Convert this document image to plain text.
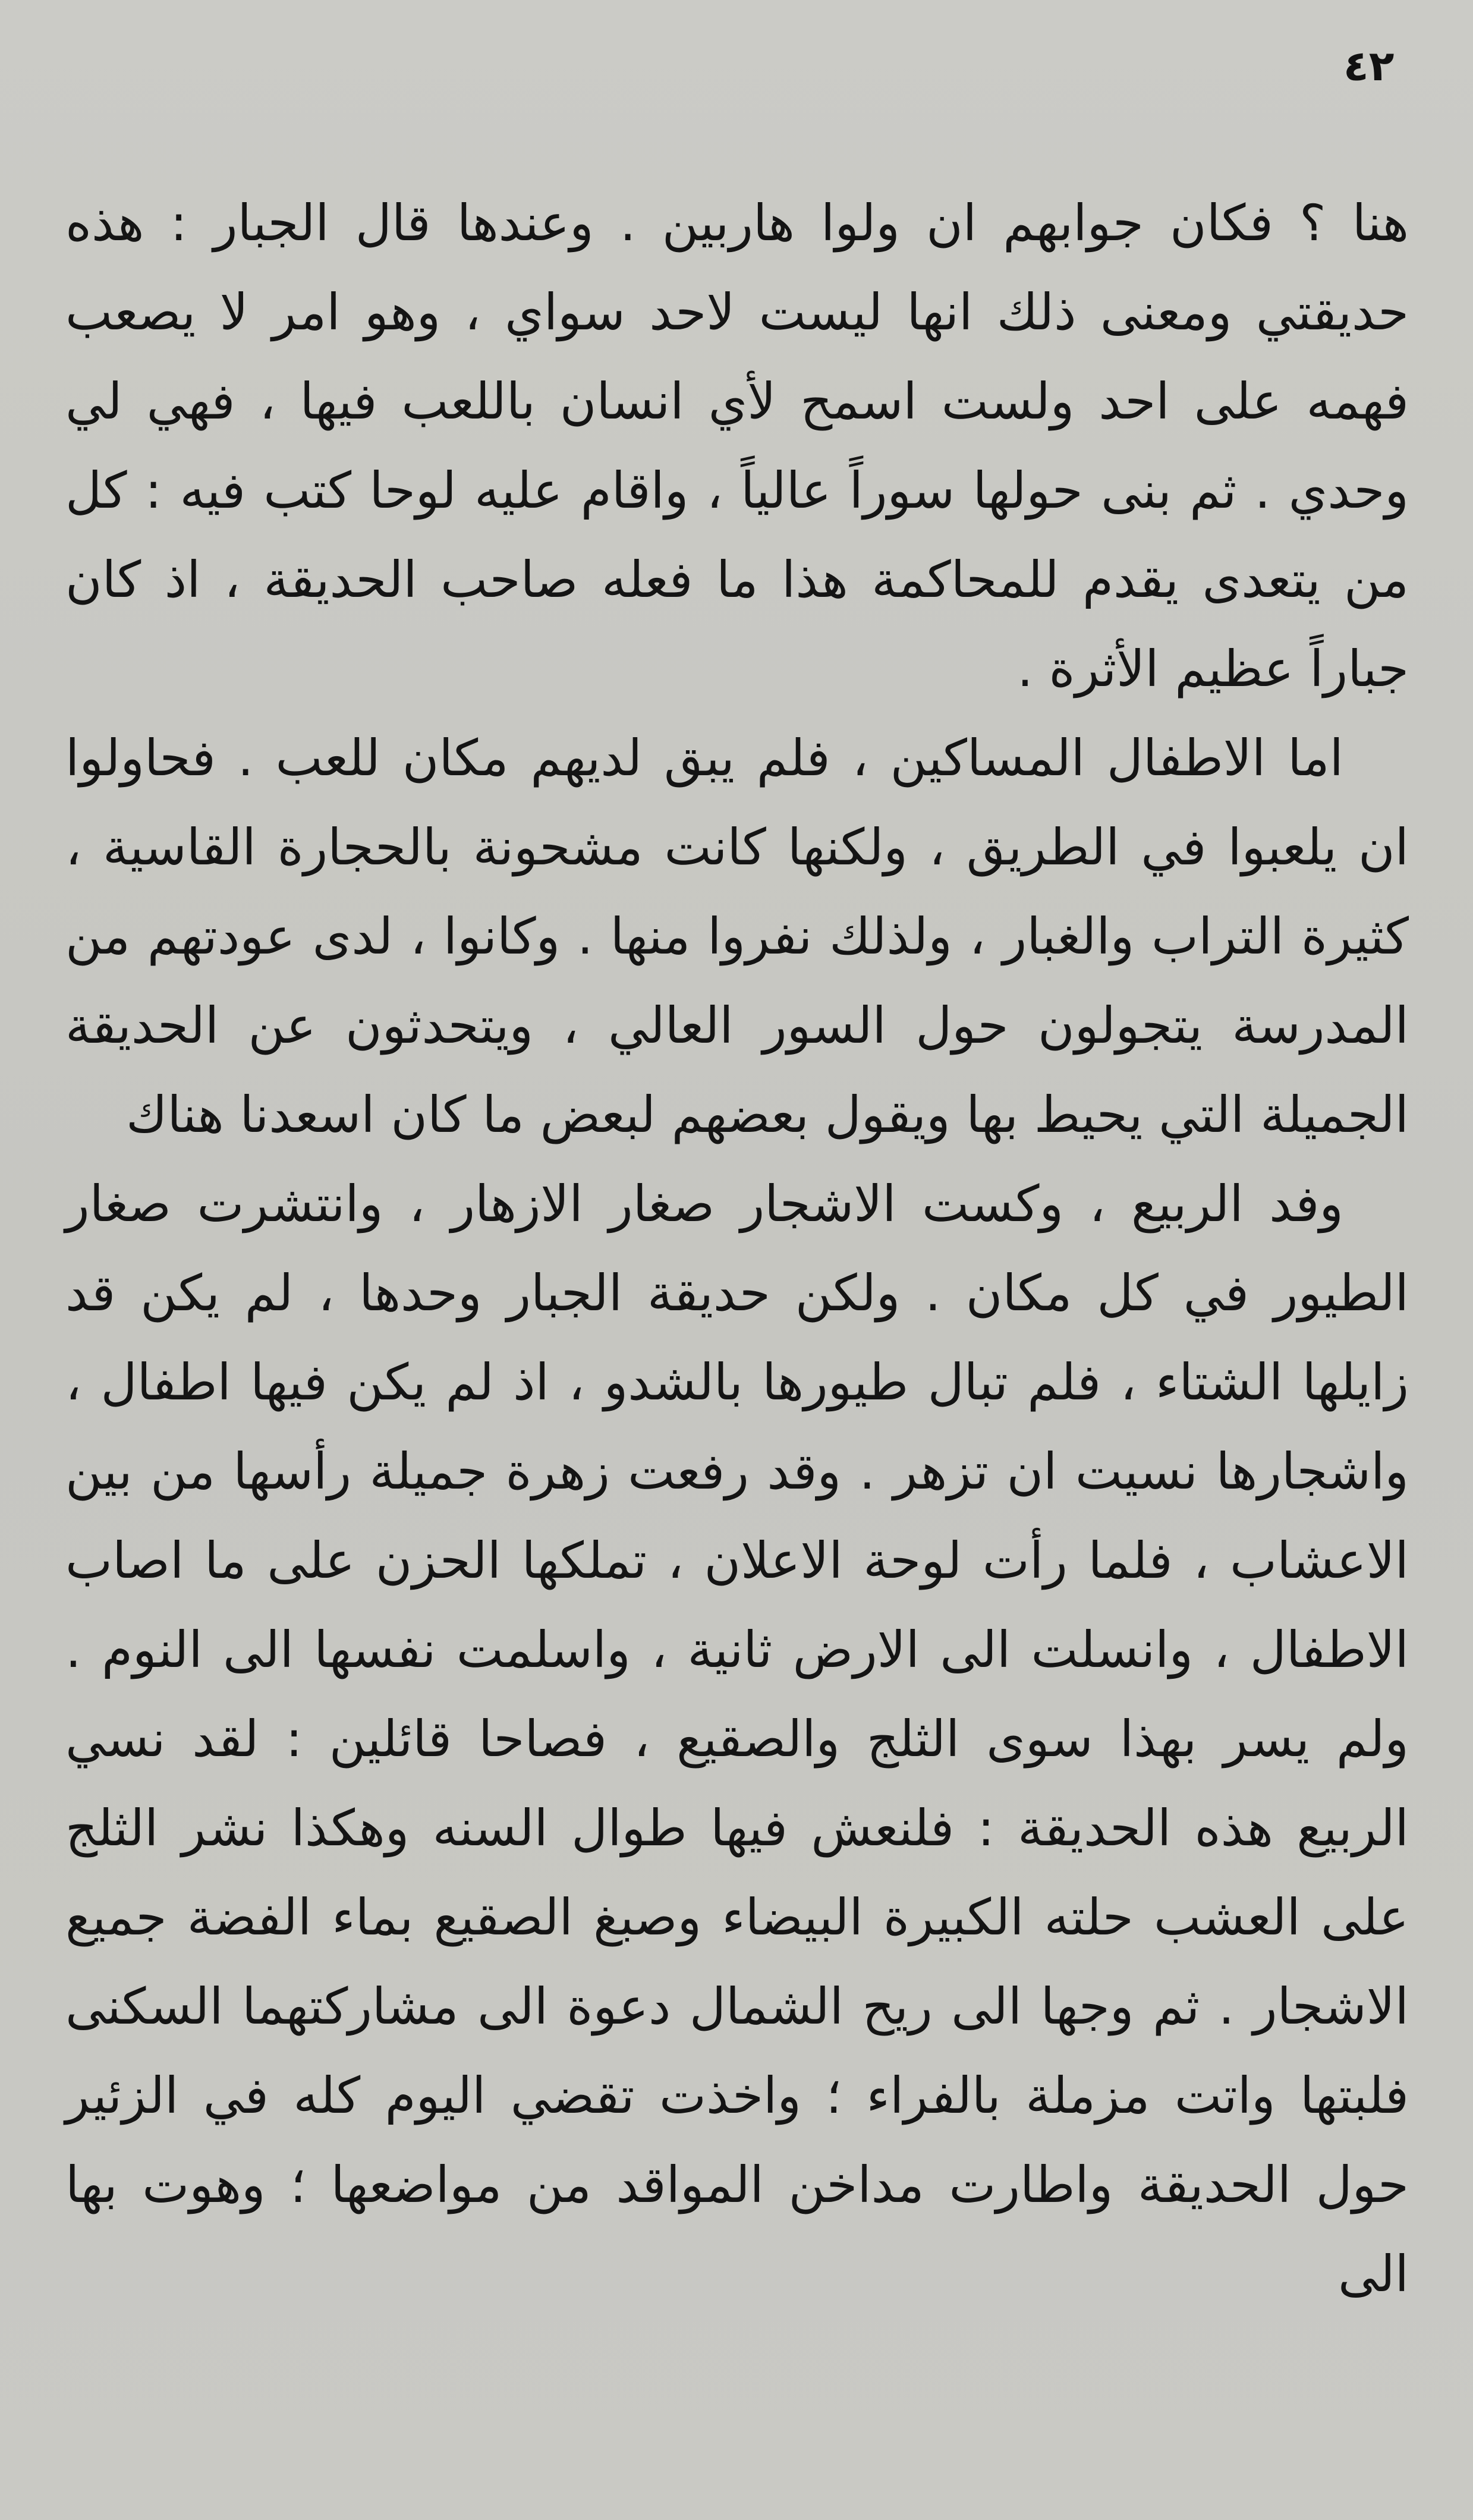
٤٢

هنا ؟ فكان جوابهم ان ولوا هاربين . وعندها قال الجبار : هذه حديقتي ومعنى ذلك انها ليست لاحد سواي ، وهو امر لا يصعب فهمه على احد ولست اسمح لأي انسان باللعب فيها ، فهي لي وحدي . ثم بنى حولها سوراً عالياً ، واقام عليه لوحا كتب فيه : كل من يتعدى يقدم للمحاكمة هذا ما فعله صاحب الحديقة ، اذ كان جباراً عظيم الأثرة .

اما الاطفال المساكين ، فلم يبق لديهم مكان للعب . فحاولوا ان يلعبوا في الطريق ، ولكنها كانت مشحونة بالحجارة القاسية ، كثيرة التراب والغبار ، ولذلك نفروا منها . وكانوا ، لدى عودتهم من المدرسة يتجولون حول السور العالي ، ويتحدثون عن الحديقة الجميلة التي يحيط بها ويقول بعضهم لبعض ما كان اسعدنا هناك

وفد الربيع ، وكست الاشجار صغار الازهار ، وانتشرت صغار الطيور في كل مكان . ولكن حديقة الجبار وحدها ، لم يكن قد زايلها الشتاء ، فلم تبال طيورها بالشدو ، اذ لم يكن فيها اطفال ، واشجارها نسيت ان تزهر . وقد رفعت زهرة جميلة رأسها من بين الاعشاب ، فلما رأت لوحة الاعلان ، تملكها الحزن على ما اصاب الاطفال ، وانسلت الى الارض ثانية ، واسلمت نفسها الى النوم . ولم يسر بهذا سوى الثلج والصقيع ، فصاحا قائلين : لقد نسي الربيع هذه الحديقة : فلنعش فيها طوال السنه وهكذا نشر الثلج على العشب حلته الكبيرة البيضاء وصبغ الصقيع بماء الفضة جميع الاشجار . ثم وجها الى ريح الشمال دعوة الى مشاركتهما السكنى فلبتها واتت مزملة بالفراء ؛ واخذت تقضي اليوم كله في الزئير حول الحديقة واطارت مداخن المواقد من مواضعها ؛ وهوت بها الى
